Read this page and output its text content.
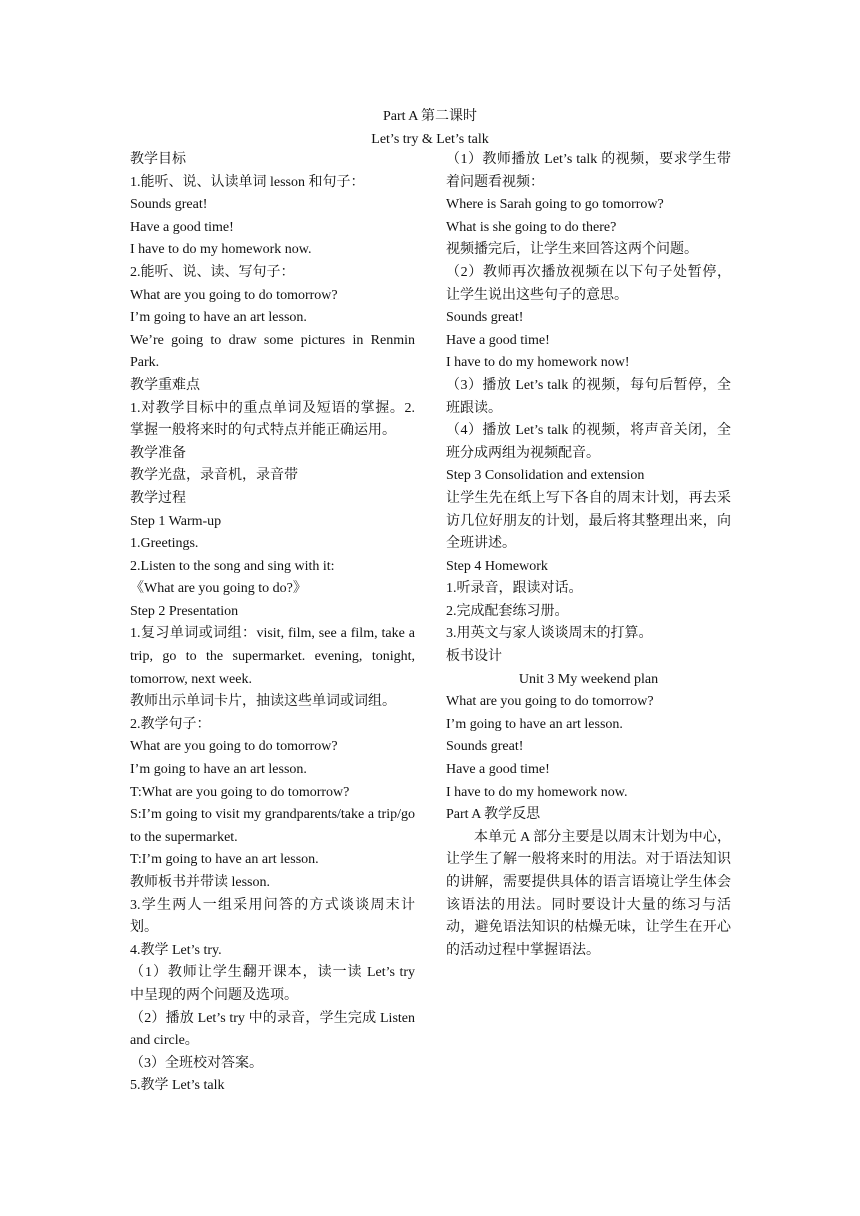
Part A 第二课时
Let’s try & Let’s talk
教学目标
1.能听、说、认读单词 lesson 和句子：
Sounds great!
Have a good time!
I have to do my homework now.
2.能听、说、读、写句子：
What are you going to do tomorrow?
I’m going to have an art lesson.
We’re going to draw some pictures in Renmin Park.
教学重难点
1.对教学目标中的重点单词及短语的掌握。2.掌握一般将来时的句式特点并能正确运用。
教学准备
教学光盘，录音机，录音带
教学过程
Step 1 Warm-up
1.Greetings.
2.Listen to the song and sing with it:
《What are you going to do?》
Step 2 Presentation
1.复习单词或词组：visit, film, see a film, take a trip, go to the supermarket. evening, tonight, tomorrow, next week.
教师出示单词卡片，抽读这些单词或词组。
2.教学句子：
What are you going to do tomorrow?
I’m going to have an art lesson.
T:What are you going to do tomorrow?
S:I’m going to visit my grandparents/take a trip/go to the supermarket.
T:I’m going to have an art lesson.
教师板书并带读 lesson.
3.学生两人一组采用问答的方式谈谈周末计划。
4.教学 Let’s try.
（1）教师让学生翻开课本，读一读 Let’s try 中呈现的两个问题及选项。
（2）播放 Let’s try 中的录音，学生完成 Listen and circle。
（3）全班校对答案。
5.教学 Let’s talk
（1）教师播放 Let’s talk 的视频，要求学生带着问题看视频：
Where is Sarah going to go tomorrow?
What is she going to do there?
视频播完后，让学生来回答这两个问题。
（2）教师再次播放视频在以下句子处暂停，让学生说出这些句子的意思。
Sounds great!
Have a good time!
I have to do my homework now!
（3）播放 Let’s talk 的视频，每句后暂停，全班跟读。
（4）播放 Let’s talk 的视频，将声音关闭，全班分成两组为视频配音。
Step 3 Consolidation and extension
让学生先在纸上写下各自的周末计划，再去采访几位好朋友的计划，最后将其整理出来，向全班讲述。
Step 4 Homework
1.听录音，跟读对话。
2.完成配套练习册。
3.用英文与家人谈谈周末的打算。
板书设计
Unit 3 My weekend plan
What are you going to do tomorrow?
I’m going to have an art lesson.
Sounds great!
Have a good time!
I have to do my homework now.
Part A 教学反思
本单元 A 部分主要是以周末计划为中心，让学生了解一般将来时的用法。对于语法知识的讲解，需要提供具体的语言语境让学生体会该语法的用法。同时要设计大量的练习与活动，避免语法知识的枯燥无味，让学生在开心的活动过程中掌握语法。
